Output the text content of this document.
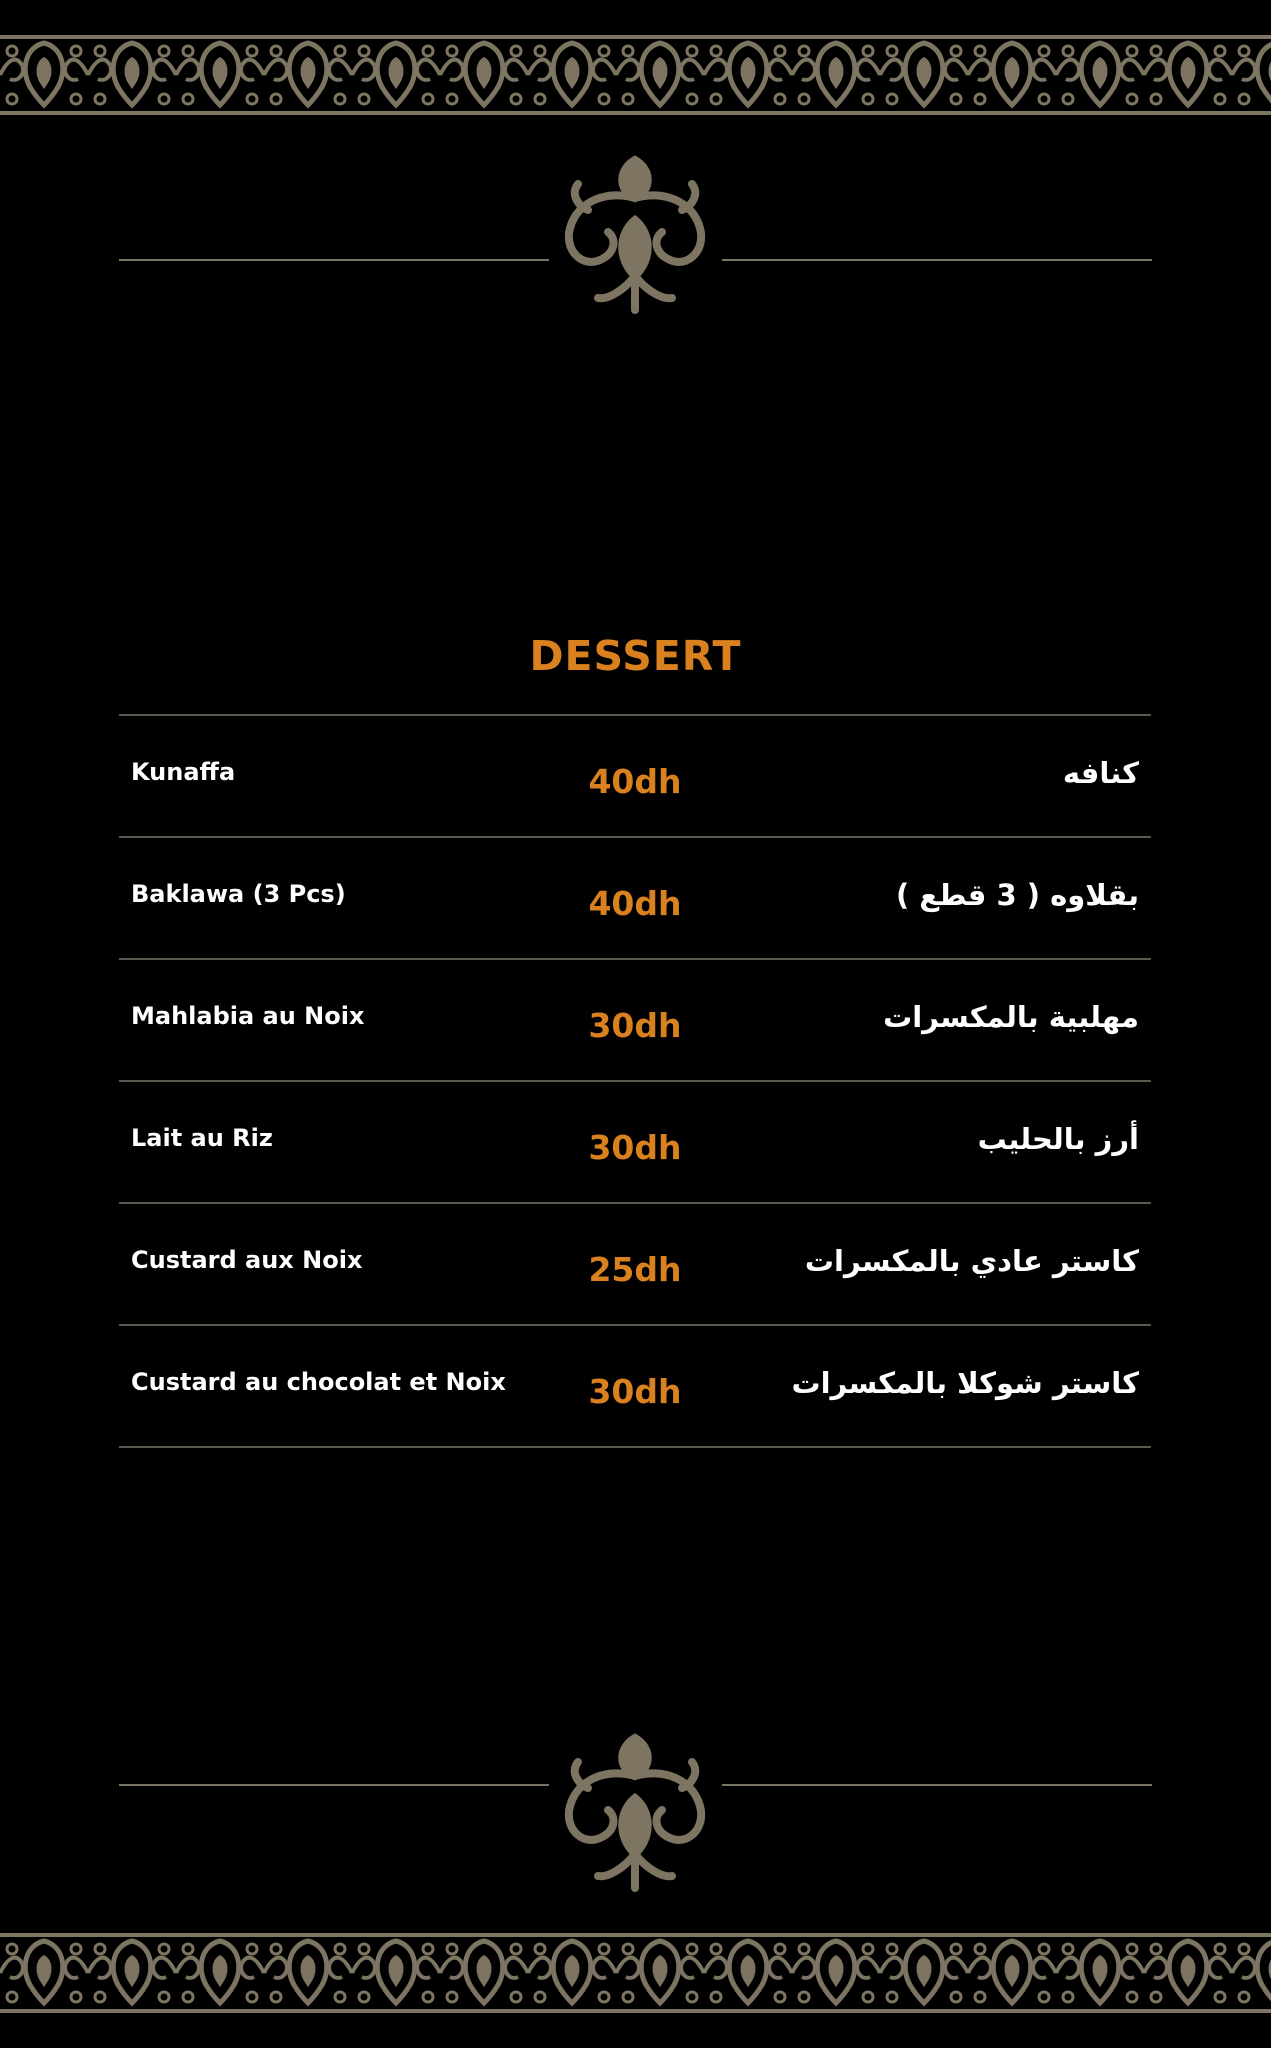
DESSERT
Kunaffa	40dh	كنافه
Baklawa (3 Pcs)	40dh	بقلاوه ( 3 قطع )
Mahlabia au Noix	30dh	مهلبية بالمكسرات
Lait au Riz	30dh	أرز بالحليب
Custard aux Noix	25dh	كاستر عادي بالمكسرات
Custard au chocolat et Noix	30dh	كاستر شوكلا بالمكسرات
